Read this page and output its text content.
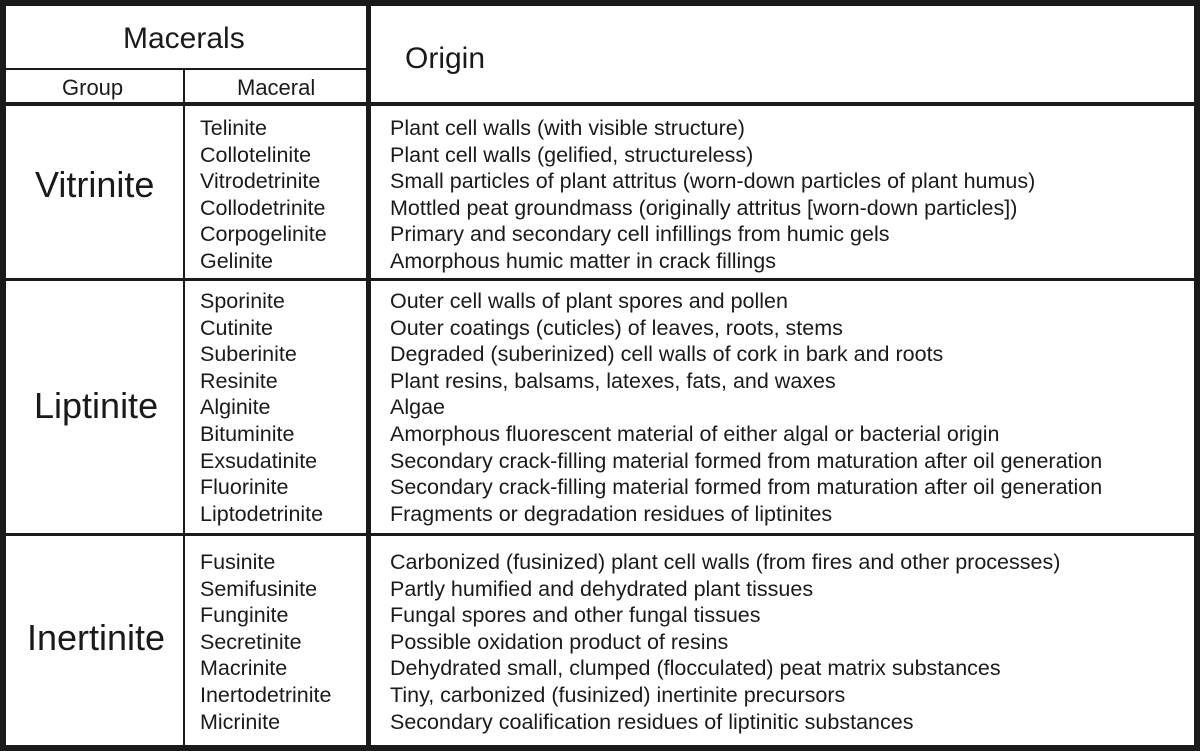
Macerals
Group	Maceral
Origin
Vitrinite
Telinite
Collotelinite
Vitrodetrinite
Collodetrinite
Corpogelinite
Gelinite
Plant cell walls (with visible structure)
Plant cell walls (gelified, structureless)
Small particles of plant attritus (worn-down particles of plant humus)
Mottled peat groundmass (originally attritus [worn-down particles])
Primary and secondary cell infillings from humic gels
Amorphous humic matter in crack fillings
Liptinite
Sporinite
Cutinite
Suberinite
Resinite
Alginite
Bituminite
Exsudatinite
Fluorinite
Liptodetrinite
Outer cell walls of plant spores and pollen
Outer coatings (cuticles) of leaves, roots, stems
Degraded (suberinized) cell walls of cork in bark and roots
Plant resins, balsams, latexes, fats, and waxes
Algae
Amorphous fluorescent material of either algal or bacterial origin
Secondary crack-filling material formed from maturation after oil generation
Secondary crack-filling material formed from maturation after oil generation
Fragments or degradation residues of liptinites
Inertinite
Fusinite
Semifusinite
Funginite
Secretinite
Macrinite
Inertodetrinite
Micrinite
Carbonized (fusinized) plant cell walls (from fires and other processes)
Partly humified and dehydrated plant tissues
Fungal spores and other fungal tissues
Possible oxidation product of resins
Dehydrated small, clumped (flocculated) peat matrix substances
Tiny, carbonized (fusinized) inertinite precursors
Secondary coalification residues of liptinitic substances
